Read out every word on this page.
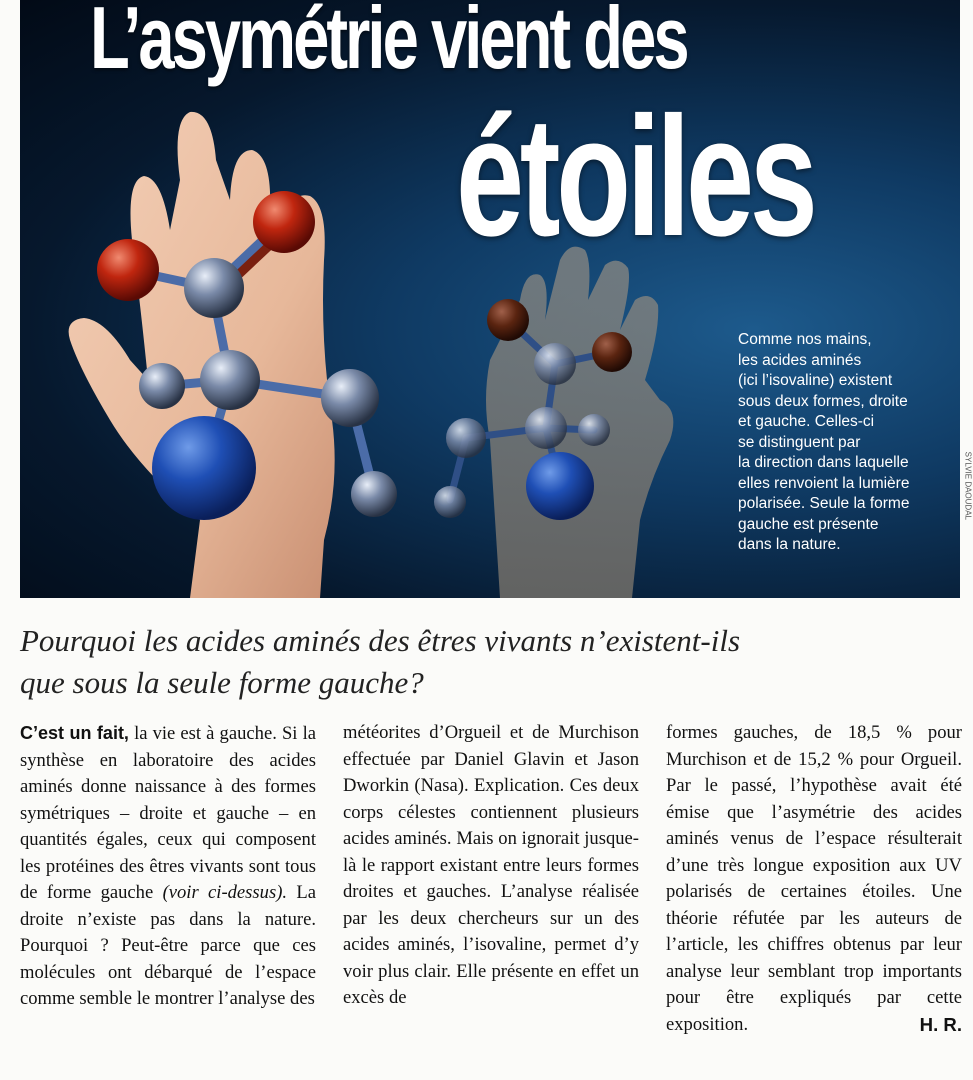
L’asymétrie vient des
étoiles
Comme nos mains,
les acides aminés
(ici l’isovaline) existent
sous deux formes, droite
et gauche. Celles-ci
se distinguent par
la direction dans laquelle
elles renvoient la lumière
polarisée. Seule la forme
gauche est présente
dans la nature.
SYLVIE DAOUDAL
Pourquoi les acides aminés des êtres vivants n’existent-ils
que sous la seule forme gauche?
C’est un fait, la vie est à gauche. Si la synthèse en laboratoire des acides aminés donne naissance à des formes symétriques – droite et gauche – en quantités égales, ceux qui composent les protéines des êtres vivants sont tous de forme gauche (voir ci-dessus). La droite n’existe pas dans la nature. Pourquoi ? Peut-être parce que ces molécules ont débarqué de l’espace comme semble le montrer l’analyse des
météorites d’Orgueil et de Murchison effectuée par Daniel Glavin et Jason Dworkin (Nasa). Explication. Ces deux corps célestes contiennent plusieurs acides aminés. Mais on ignorait jusque-là le rapport existant entre leurs formes droites et gauches. L’analyse réalisée par les deux chercheurs sur un des acides aminés, l’isovaline, permet d’y voir plus clair. Elle présente en effet un excès de
formes gauches, de 18,5 % pour Murchison et de 15,2 % pour Orgueil. Par le passé, l’hypothèse avait été émise que l’asymétrie des acides aminés venus de l’espace résulterait d’une très longue exposition aux UV polarisés de certaines étoiles. Une théorie réfutée par les auteurs de l’article, les chiffres obtenus par leur analyse leur semblant trop importants pour être expliqués par cette exposition.	H. R.
